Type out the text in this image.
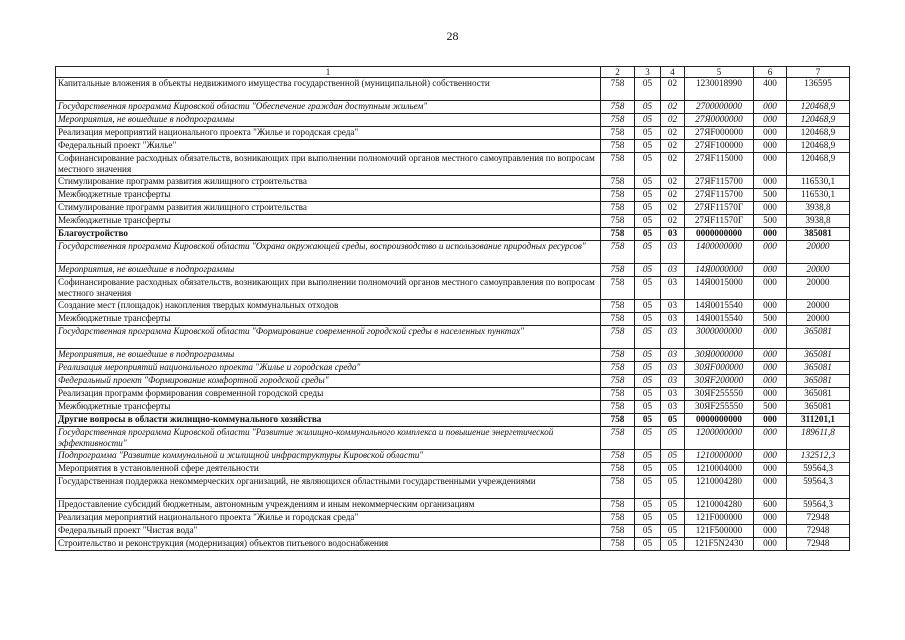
28
1	2	3	4	5	6	7
Капитальные вложения в объекты недвижимого имущества государственной (муниципальной) собственности	758	05	02	1230018990	400	136595
Государственная программа Кировской области "Обеспечение граждан доступным жильем"	758	05	02	2700000000	000	120468,9
Мероприятия, не вошедшие в подпрограммы	758	05	02	27Я0000000	000	120468,9
Реализация мероприятий национального проекта "Жилье и городская среда"	758	05	02	27ЯF000000	000	120468,9
Федеральный проект "Жилье"	758	05	02	27ЯF100000	000	120468,9
Софинансирование расходных обязательств, возникающих при выполнении полномочий органов местного самоуправления по вопросам местного значения	758	05	02	27ЯF115000	000	120468,9
Стимулирование программ развития жилищного строительства	758	05	02	27ЯF115700	000	116530,1
Межбюджетные трансферты	758	05	02	27ЯF115700	500	116530,1
Стимулирование программ развития жилищного строительства	758	05	02	27ЯF11570Г	000	3938,8
Межбюджетные трансферты	758	05	02	27ЯF11570Г	500	3938,8
Благоустройство	758	05	03	0000000000	000	385081
Государственная программа Кировской области "Охрана окружающей среды, воспроизводство и использование природных ресурсов"	758	05	03	1400000000	000	20000
Мероприятия, не вошедшие в подпрограммы	758	05	03	14Я0000000	000	20000
Софинансирование расходных обязательств, возникающих при выполнении полномочий органов местного самоуправления по вопросам местного значения	758	05	03	14Я0015000	000	20000
Создание мест (площадок) накопления твердых коммунальных отходов	758	05	03	14Я0015540	000	20000
Межбюджетные трансферты	758	05	03	14Я0015540	500	20000
Государственная программа Кировской области "Формирование современной городской среды в населенных пунктах"	758	05	03	3000000000	000	365081
Мероприятия, не вошедшие в подпрограммы	758	05	03	30Я0000000	000	365081
Реализация мероприятий национального проекта "Жилье и городская среда"	758	05	03	30ЯF000000	000	365081
Федеральный проект "Формирование комфортной городской среды"	758	05	03	30ЯF200000	000	365081
Реализация программ формирования современной городской среды	758	05	03	30ЯF255550	000	365081
Межбюджетные трансферты	758	05	03	30ЯF255550	500	365081
Другие вопросы в области жилищно-коммунального хозяйства	758	05	05	0000000000	000	311201,1
Государственная программа Кировской области "Развитие жилищно-коммунального комплекса и повышение энергетической эффективности"	758	05	05	1200000000	000	189611,8
Подпрограмма "Развитие коммунальной и жилищной инфраструктуры Кировской области"	758	05	05	1210000000	000	132512,3
Мероприятия в установленной сфере деятельности	758	05	05	1210004000	000	59564,3
Государственная поддержка некоммерческих организаций, не являющихся областными государственными учреждениями	758	05	05	1210004280	000	59564,3
Предоставление субсидий бюджетным, автономным учреждениям и иным некоммерческим организациям	758	05	05	1210004280	600	59564,3
Реализация мероприятий национального проекта "Жилье и городская среда"	758	05	05	121F000000	000	72948
Федеральный проект "Чистая вода"	758	05	05	121F500000	000	72948
Строительство и реконструкция (модернизация) объектов питьевого водоснабжения	758	05	05	121F5N2430	000	72948
